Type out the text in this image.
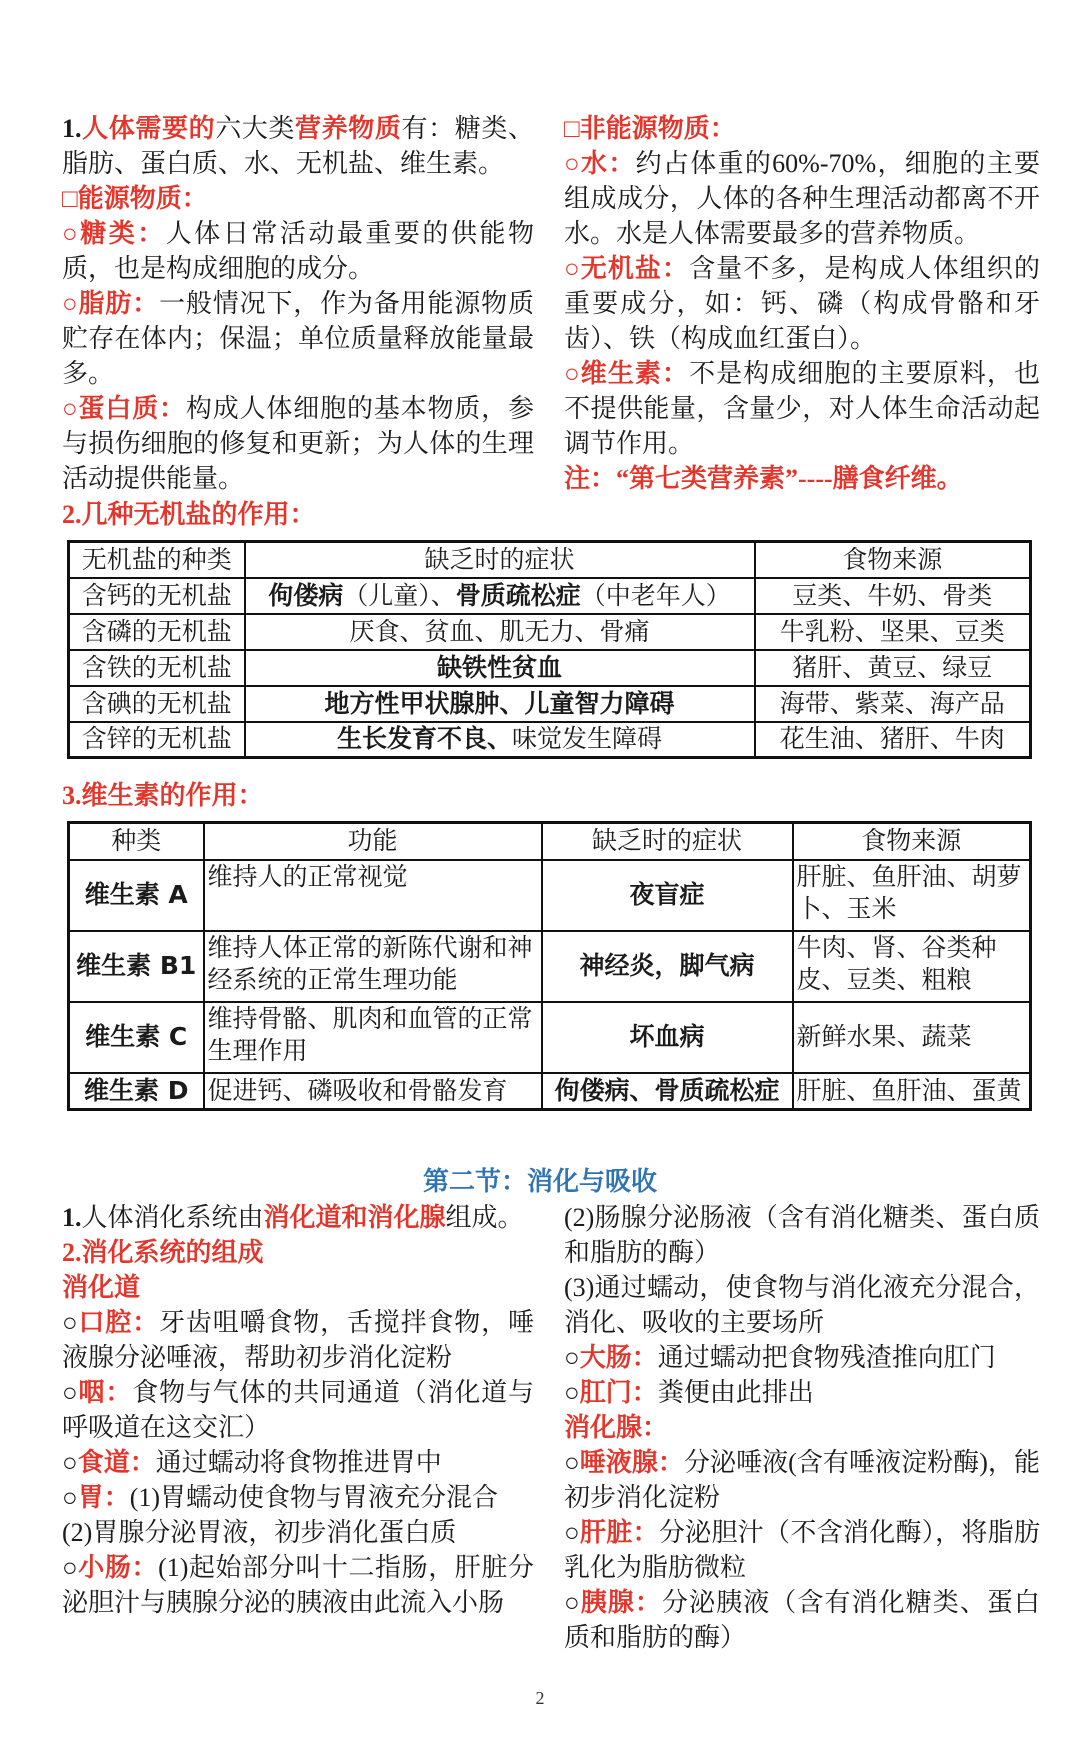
1.人体需要的六大类营养物质有：糖类、脂肪、蛋白质、水、无机盐、维生素。

□能源物质：

○糖类：人体日常活动最重要的供能物质，也是构成细胞的成分。

○脂肪：一般情况下，作为备用能源物质贮存在体内；保温；单位质量释放能量最多。

○蛋白质：构成人体细胞的基本物质，参与损伤细胞的修复和更新；为人体的生理活动提供能量。

□非能源物质：

○水：约占体重的60%-70%，细胞的主要组成成分，人体的各种生理活动都离不开水。水是人体需要最多的营养物质。

○无机盐：含量不多，是构成人体组织的重要成分，如：钙、磷（构成骨骼和牙齿）、铁（构成血红蛋白）。

○维生素：不是构成细胞的主要原料，也不提供能量，含量少，对人体生命活动起调节作用。

注：“第七类营养素”----膳食纤维。

2.几种无机盐的作用：

无机盐的种类	缺乏时的症状	食物来源
含钙的无机盐	佝偻病（儿童）、骨质疏松症（中老年人）	豆类、牛奶、骨类
含磷的无机盐	厌食、贫血、肌无力、骨痛	牛乳粉、坚果、豆类
含铁的无机盐	缺铁性贫血	猪肝、黄豆、绿豆
含碘的无机盐	地方性甲状腺肿、儿童智力障碍	海带、紫菜、海产品
含锌的无机盐	生长发育不良、味觉发生障碍	花生油、猪肝、牛肉

3.维生素的作用：

种类	功能	缺乏时的症状	食物来源
维生素 A	维持人的正常视觉	夜盲症	肝脏、鱼肝油、胡萝卜、玉米
维生素 B1	维持人体正常的新陈代谢和神经系统的正常生理功能	神经炎，脚气病	牛肉、肾、谷类种皮、豆类、粗粮
维生素 C	维持骨骼、肌肉和血管的正常生理作用	坏血病	新鲜水果、蔬菜
维生素 D	促进钙、磷吸收和骨骼发育	佝偻病、骨质疏松症	肝脏、鱼肝油、蛋黄

第二节：消化与吸收

1.人体消化系统由消化道和消化腺组成。

2.消化系统的组成

消化道

○口腔：牙齿咀嚼食物，舌搅拌食物，唾液腺分泌唾液，帮助初步消化淀粉

○咽：食物与气体的共同通道（消化道与呼吸道在这交汇）

○食道：通过蠕动将食物推进胃中

○胃：(1)胃蠕动使食物与胃液充分混合

(2)胃腺分泌胃液，初步消化蛋白质

○小肠：(1)起始部分叫十二指肠，肝脏分泌胆汁与胰腺分泌的胰液由此流入小肠

(2)肠腺分泌肠液（含有消化糖类、蛋白质和脂肪的酶）

(3)通过蠕动，使食物与消化液充分混合，消化、吸收的主要场所

○大肠：通过蠕动把食物残渣推向肛门

○肛门：粪便由此排出

消化腺：

○唾液腺：分泌唾液(含有唾液淀粉酶)，能初步消化淀粉

○肝脏：分泌胆汁（不含消化酶），将脂肪乳化为脂肪微粒

○胰腺：分泌胰液（含有消化糖类、蛋白质和脂肪的酶）

2
